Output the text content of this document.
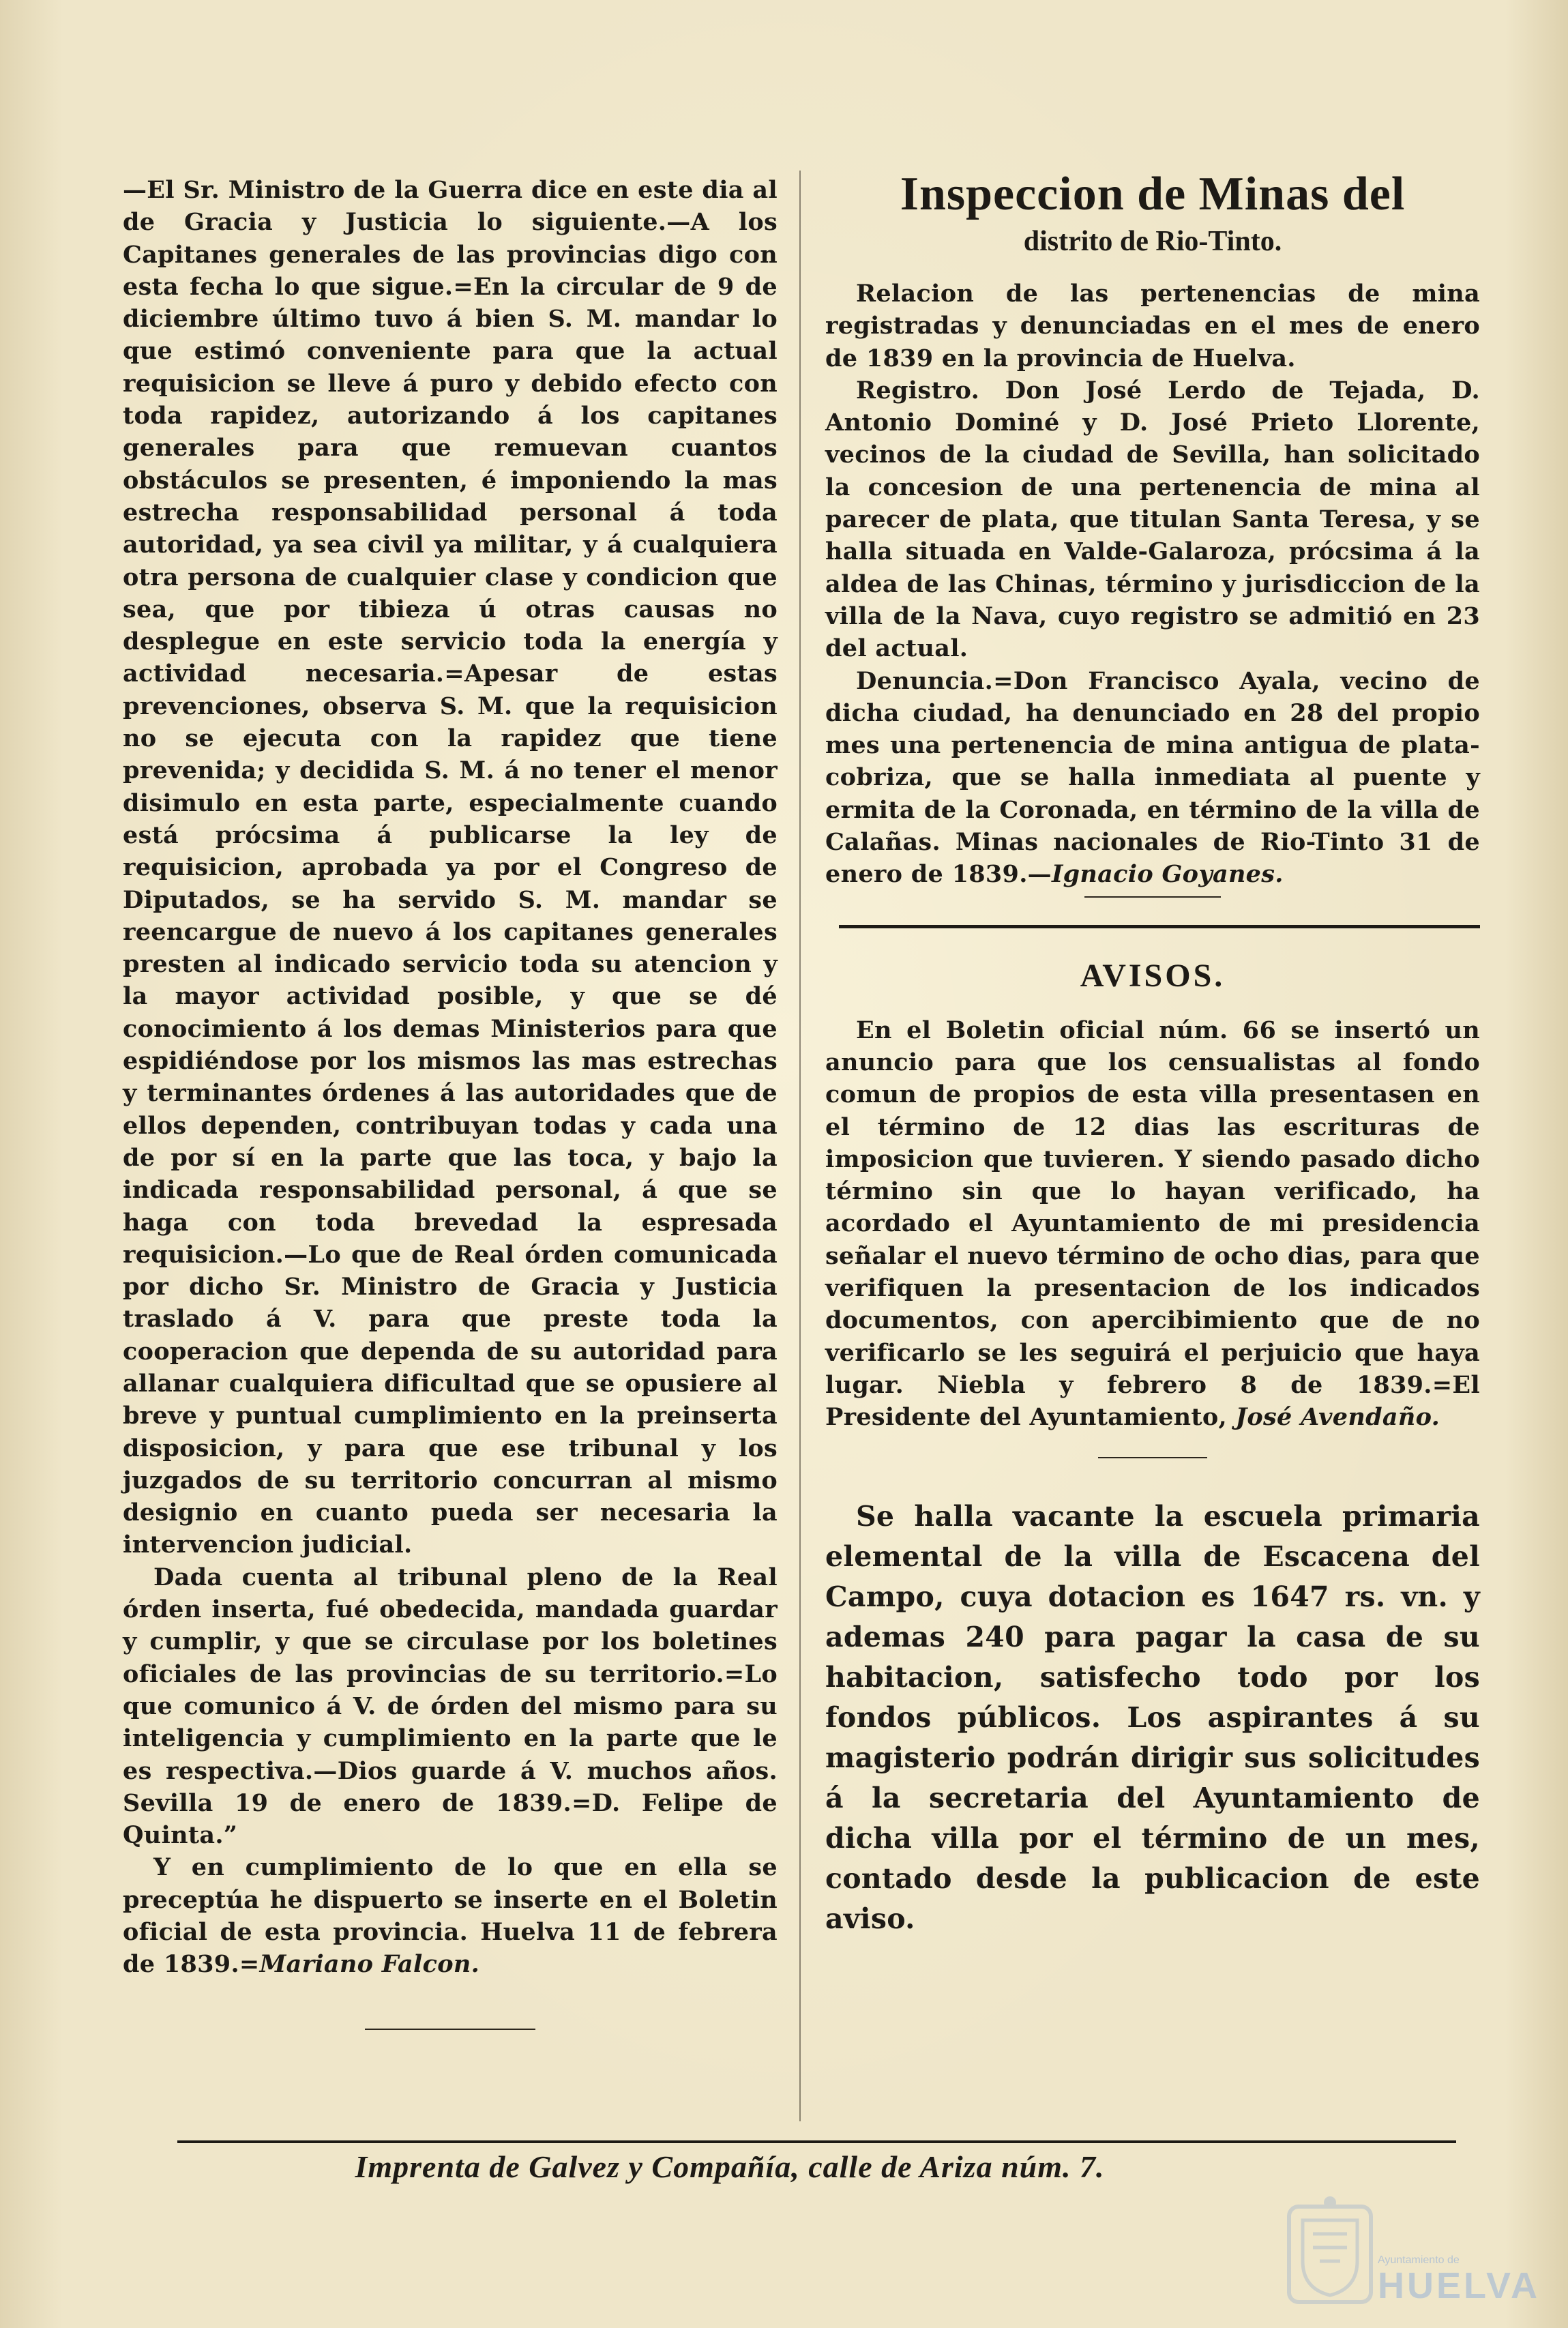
—El Sr. Ministro de la Guerra dice en este dia al de Gracia y Justicia lo siguiente.—A los Capitanes generales de las provincias digo con esta fecha lo que sigue.=En la circular de 9 de diciembre último tuvo á bien S. M. mandar lo que estimó conveniente para que la actual requisicion se lleve á puro y debido efecto con toda rapidez, autorizando á los capitanes generales para que remuevan cuantos obstáculos se presenten, é imponiendo la mas estrecha responsabilidad personal á toda autoridad, ya sea civil ya militar, y á cualquiera otra persona de cualquier clase y condicion que sea, que por tibieza ú otras causas no desplegue en este servicio toda la energía y actividad necesaria.=Apesar de estas prevenciones, observa S. M. que la requisicion no se ejecuta con la rapidez que tiene prevenida; y decidida S. M. á no tener el menor disimulo en esta parte, especialmente cuando está prócsima á publicarse la ley de requisicion, aprobada ya por el Congreso de Diputados, se ha servido S. M. mandar se reencargue de nuevo á los capitanes generales presten al indicado servicio toda su atencion y la mayor actividad posible, y que se dé conocimiento á los demas Ministerios para que espidiéndose por los mismos las mas estrechas y terminantes órdenes á las autoridades que de ellos dependen, contribuyan todas y cada una de por sí en la parte que las toca, y bajo la indicada responsabilidad personal, á que se haga con toda brevedad la espresada requisicion.—Lo que de Real órden comunicada por dicho Sr. Ministro de Gracia y Justicia traslado á V. para que preste toda la cooperacion que dependa de su autoridad para allanar cualquiera dificultad que se opusiere al breve y puntual cumplimiento en la preinserta disposicion, y para que ese tribunal y los juzgados de su territorio concurran al mismo designio en cuanto pueda ser necesaria la intervencion judicial.

Dada cuenta al tribunal pleno de la Real órden inserta, fué obedecida, mandada guardar y cumplir, y que se circulase por los boletines oficiales de las provincias de su territorio.=Lo que comunico á V. de órden del mismo para su inteligencia y cumplimiento en la parte que le es respectiva.—Dios guarde á V. muchos años. Sevilla 19 de enero de 1839.=D. Felipe de Quinta.”

Y en cumplimiento de lo que en ella se preceptúa he dispuerto se inserte en el Boletin oficial de esta provincia. Huelva 11 de febrera de 1839.=Mariano Falcon.

Inspeccion de Minas del
distrito de Rio-Tinto.

Relacion de las pertenencias de mina registradas y denunciadas en el mes de enero de 1839 en la provincia de Huelva.

Registro. Don José Lerdo de Tejada, D. Antonio Dominé y D. José Prieto Llorente, vecinos de la ciudad de Sevilla, han solicitado la concesion de una pertenencia de mina al parecer de plata, que titulan Santa Teresa, y se halla situada en Valde-Galaroza, prócsima á la aldea de las Chinas, término y jurisdiccion de la villa de la Nava, cuyo registro se admitió en 23 del actual.

Denuncia.=Don Francisco Ayala, vecino de dicha ciudad, ha denunciado en 28 del propio mes una pertenencia de mina antigua de plata-cobriza, que se halla inmediata al puente y ermita de la Coronada, en término de la villa de Calañas. Minas nacionales de Rio-Tinto 31 de enero de 1839.—Ignacio Goyanes.

AVISOS.

En el Boletin oficial núm. 66 se insertó un anuncio para que los censualistas al fondo comun de propios de esta villa presentasen en el término de 12 dias las escrituras de imposicion que tuvieren. Y siendo pasado dicho término sin que lo hayan verificado, ha acordado el Ayuntamiento de mi presidencia señalar el nuevo término de ocho dias, para que verifiquen la presentacion de los indicados documentos, con apercibimiento que de no verificarlo se les seguirá el perjuicio que haya lugar. Niebla y febrero 8 de 1839.=El Presidente del Ayuntamiento, José Avendaño.

Se halla vacante la escuela primaria elemental de la villa de Escacena del Campo, cuya dotacion es 1647 rs. vn. y ademas 240 para pagar la casa de su habitacion, satisfecho todo por los fondos públicos. Los aspirantes á su magisterio podrán dirigir sus solicitudes á la secretaria del Ayuntamiento de dicha villa por el término de un mes, contado desde la publicacion de este aviso.

Imprenta de Galvez y Compañía, calle de Ariza núm. 7.
Ayuntamiento de
HUELVA
